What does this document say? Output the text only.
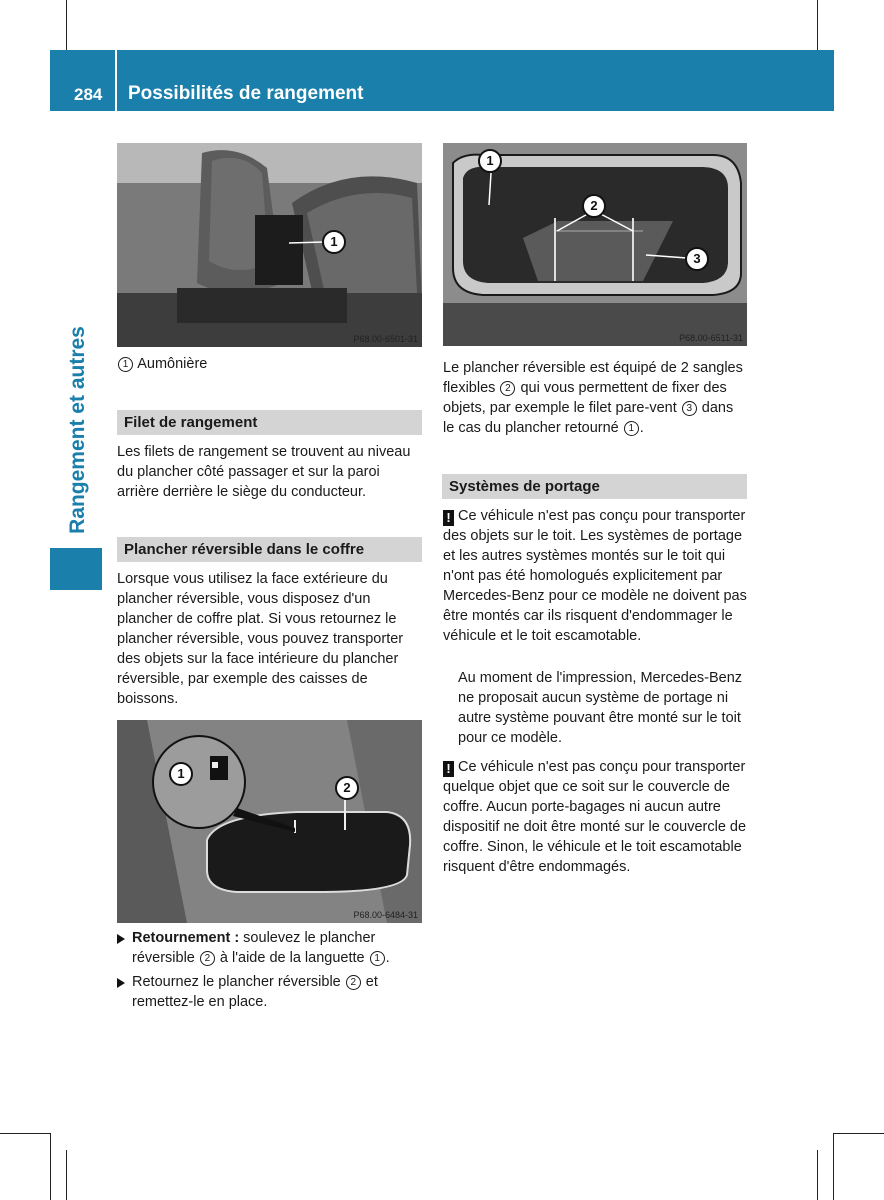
284 Possibilités de rangement
Rangement et autres
1
P68.00-6501-31
1
2
3
P68.00-6511-31
1
2
P68.00-6484-31
1 Aumônière
Filet de rangement
Les filets de rangement se trouvent au niveau du plancher côté passager et sur la paroi arrière derrière le siège du conducteur.
Plancher réversible dans le coffre
Lorsque vous utilisez la face extérieure du plancher réversible, vous disposez d'un plancher de coffre plat. Si vous retournez le plancher réversible, vous pouvez transporter des objets sur la face intérieure du plancher réversible, par exemple des caisses de boissons.
Retournement : soulevez le plancher réversible 2 à l'aide de la languette 1 .
Retournez le plancher réversible 2 et remettez-le en place.
Le plancher réversible est équipé de 2 sangles flexibles 2 qui vous permettent de fixer des objets, par exemple le filet pare-vent 3 dans le cas du plancher retourné 1 .
Systèmes de portage
! Ce véhicule n'est pas conçu pour transporter des objets sur le toit. Les systèmes de portage et les autres systèmes montés sur le toit qui n'ont pas été homologués explicitement par Mercedes-Benz pour ce modèle ne doivent pas être montés car ils risquent d'endommager le véhicule et le toit escamotable.
Au moment de l'impression, Mercedes-Benz ne proposait aucun système de portage ni autre système pouvant être monté sur le toit pour ce modèle.
! Ce véhicule n'est pas conçu pour transporter quelque objet que ce soit sur le couvercle de coffre. Aucun porte-bagages ni aucun autre dispositif ne doit être monté sur le couvercle de coffre. Sinon, le véhicule et le toit escamotable risquent d'être endommagés.
